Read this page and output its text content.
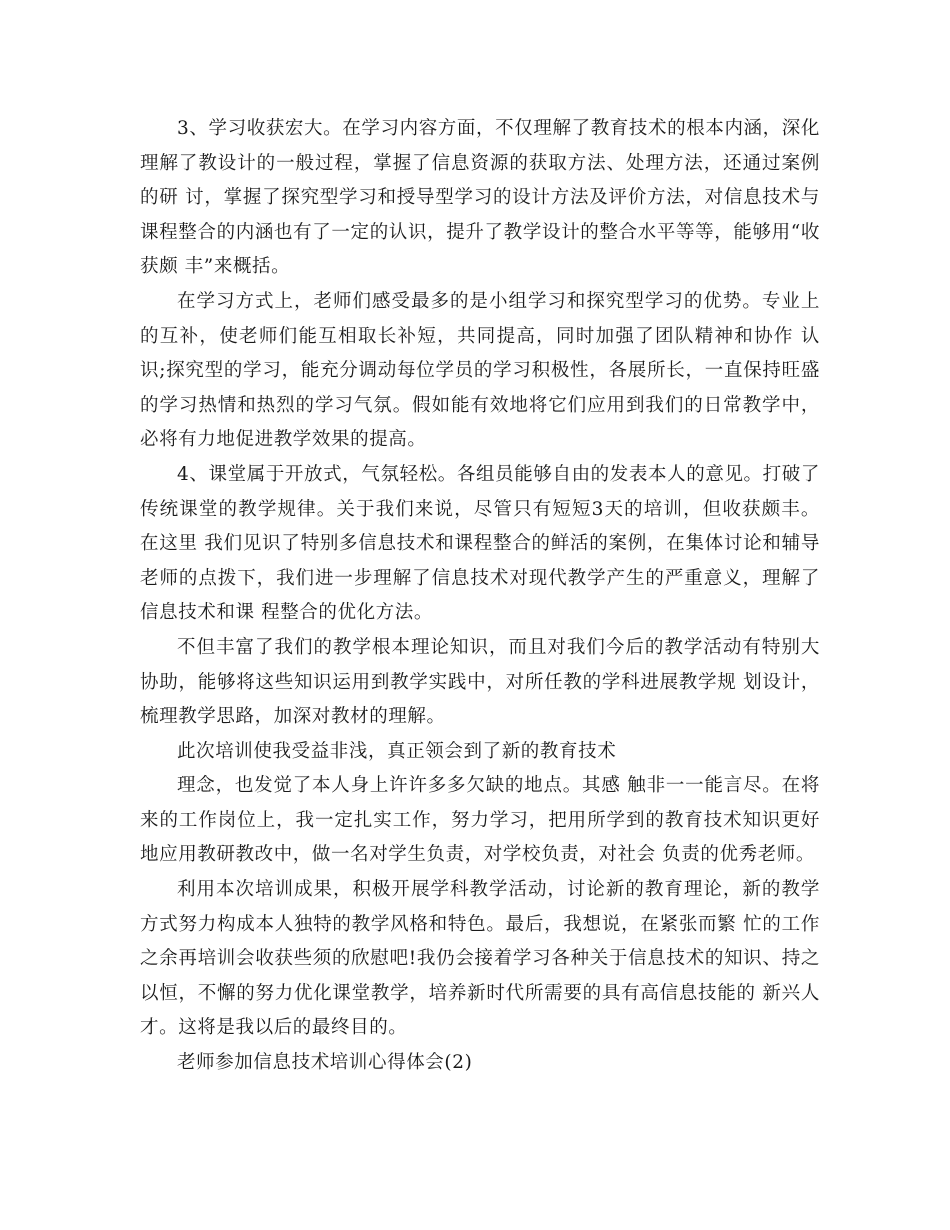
3、学习收获宏大。在学习内容方面，不仅理解了教育技术的根本内涵，深化理解了教设计的一般过程，掌握了信息资源的获取方法、处理方法，还通过案例的研 讨，掌握了探究型学习和授导型学习的设计方法及评价方法，对信息技术与课程整合的内涵也有了一定的认识，提升了教学设计的整合水平等等，能够用“收获颇 丰”来概括。

在学习方式上，老师们感受最多的是小组学习和探究型学习的优势。专业上的互补，使老师们能互相取长补短，共同提高，同时加强了团队精神和协作 认识;探究型的学习，能充分调动每位学员的学习积极性，各展所长，一直保持旺盛的学习热情和热烈的学习气氛。假如能有效地将它们应用到我们的日常教学中， 必将有力地促进教学效果的提高。

4、课堂属于开放式，气氛轻松。各组员能够自由的发表本人的意见。打破了传统课堂的教学规律。关于我们来说，尽管只有短短3天的培训，但收获颇丰。在这里 我们见识了特别多信息技术和课程整合的鲜活的案例，在集体讨论和辅导老师的点拨下，我们进一步理解了信息技术对现代教学产生的严重意义，理解了信息技术和课 程整合的优化方法。

不但丰富了我们的教学根本理论知识，而且对我们今后的教学活动有特别大协助，能够将这些知识运用到教学实践中，对所任教的学科进展教学规 划设计，梳理教学思路，加深对教材的理解。

此次培训使我受益非浅，真正领会到了新的教育技术

理念，也发觉了本人身上许许多多欠缺的地点。其感 触非一一能言尽。在将来的工作岗位上，我一定扎实工作，努力学习，把用所学到的教育技术知识更好地应用教研教改中，做一名对学生负责，对学校负责，对社会 负责的优秀老师。

利用本次培训成果，积极开展学科教学活动，讨论新的教育理论，新的教学方式努力构成本人独特的教学风格和特色。最后，我想说，在紧张而繁 忙的工作之余再培训会收获些须的欣慰吧!我仍会接着学习各种关于信息技术的知识、持之以恒，不懈的努力优化课堂教学，培养新时代所需要的具有高信息技能的 新兴人才。这将是我以后的最终目的。

老师参加信息技术培训心得体会(2)
